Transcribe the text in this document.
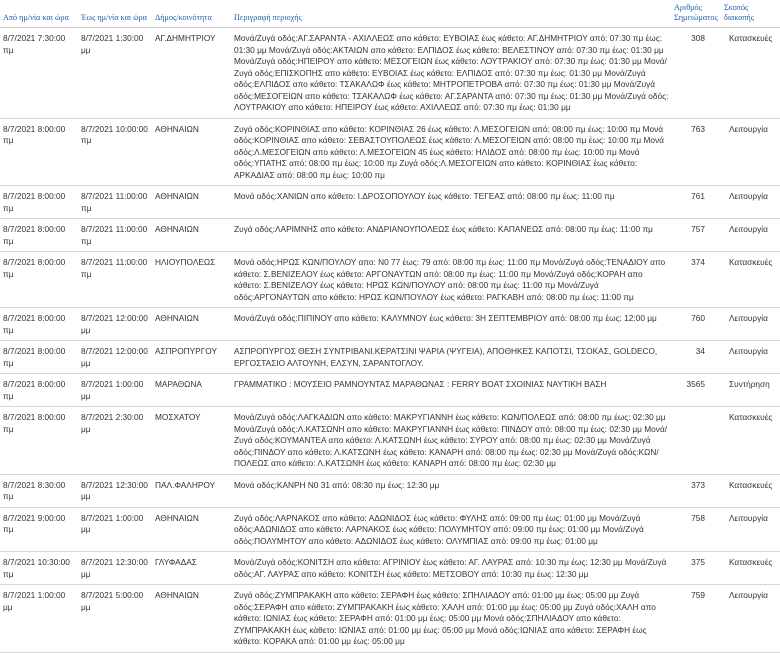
Από ημ/νία και ώρα	Έως ημ/νία και ώρα	Δήμος/κοινότητα	Περιγραφή περιοχής	Αριθμός Σημειώματος	Σκοπός διακοπής
8/7/2021 7:30:00 πμ	8/7/2021 1:30:00 μμ	ΑΓ.ΔΗΜΗΤΡΙΟΥ	Μονά/Ζυγά οδός:ΑΓ.ΣΑΡΑΝΤΑ - ΑΧΙΛΛΕΩΣ απο κάθετο: ΕΥΒΟΙΑΣ έως κάθετο: ΑΓ.ΔΗΜΗΤΡΙΟΥ από: 07:30 πμ έως: 01:30 μμ Μονά/Ζυγά οδός:ΑΚΤΑΙΩΝ απο κάθετο: ΕΛΠΙΔΟΣ έως κάθετο: ΒΕΛΕΣΤΙΝΟΥ από: 07:30 πμ έως: 01:30 μμ Μονά/Ζυγά οδός:ΗΠΕΙΡΟΥ απο κάθετο: ΜΕΣΟΓΕΙΩΝ έως κάθετο: ΛΟΥΤΡΑΚΙΟΥ από: 07:30 πμ έως: 01:30 μμ Μονά/Ζυγά οδός:ΕΠΙΣΚΟΠΗΣ απο κάθετο: ΕΥΒΟΙΑΣ έως κάθετο: ΕΛΠΙΔΟΣ από: 07:30 πμ έως: 01:30 μμ Μονά/Ζυγά οδός:ΕΛΠΙΔΟΣ απο κάθετο: ΤΣΑΚΑΛΩΦ έως κάθετο: ΜΗΤΡΟΠΕΤΡΟΒΑ από: 07:30 πμ έως: 01:30 μμ Μονά/Ζυγά οδός:ΜΕΣΟΓΕΙΩΝ απο κάθετο: ΤΣΑΚΑΛΩΦ έως κάθετο: ΑΓ.ΣΑΡΑΝΤΑ από: 07:30 πμ έως: 01:30 μμ Μονά/Ζυγά οδός: ΛΟΥΤΡΑΚΙΟΥ απο κάθετο: ΗΠΕΙΡΟΥ έως κάθετο: ΑΧΙΛΛΕΩΣ από: 07:30 πμ έως: 01:30 μμ	308	Κατασκευές
8/7/2021 8:00:00 πμ	8/7/2021 10:00:00 πμ	ΑΘΗΝΑΙΩΝ	Ζυγά οδός:ΚΟΡΙΝΘΙΑΣ απο κάθετο: ΚΟΡΙΝΘΙΑΣ 26 έως κάθετο: Λ.ΜΕΣΟΓΕΙΩΝ από: 08:00 πμ έως: 10:00 πμ Μονά οδός:ΚΟΡΙΝΘΙΑΣ απο κάθετο: ΣΕΒΑΣΤΟΥΠΟΛΕΩΣ έως κάθετο: Λ.ΜΕΣΟΓΕΙΩΝ από: 08:00 πμ έως: 10:00 πμ Μονά οδός:Λ.ΜΕΣΟΓΕΙΩΝ απο κάθετο: Λ.ΜΕΣΟΓΕΙΩΝ 45 έως κάθετο: ΗΛΙΔΟΣ από: 08:00 πμ έως: 10:00 πμ Μονά οδός:ΥΠΑΤΗΣ από: 08:00 πμ έως: 10:00 πμ Ζυγά οδός:Λ.ΜΕΣΟΓΕΙΩΝ απο κάθετο: ΚΟΡΙΝΘΙΑΣ έως κάθετο: ΑΡΚΑΔΙΑΣ από: 08:00 πμ έως: 10:00 πμ	763	Λειτουργία
8/7/2021 8:00:00 πμ	8/7/2021 11:00:00 πμ	ΑΘΗΝΑΙΩΝ	Μονά οδός:ΧΑΝΙΩΝ απο κάθετο: Ι.ΔΡΟΣΟΠΟΥΛΟΥ έως κάθετο: ΤΕΓΕΑΣ από: 08:00 πμ έως: 11:00 πμ	761	Λειτουργία
8/7/2021 8:00:00 πμ	8/7/2021 11:00:00 πμ	ΑΘΗΝΑΙΩΝ	Ζυγά οδός:ΛΑΡΙΜΝΗΣ απο κάθετο: ΑΝΔΡΙΑΝΟΥΠΟΛΕΩΣ έως κάθετο: ΚΑΠΑΝΕΩΣ από: 08:00 πμ έως: 11:00 πμ	757	Λειτουργία
8/7/2021 8:00:00 πμ	8/7/2021 11:00:00 πμ	ΗΛΙΟΥΠΟΛΕΩΣ	Μονά οδός:ΗΡΩΣ ΚΩΝ/ΠΟΥΛΟΥ απο: Ν0 77 έως: 79 από: 08:00 πμ έως: 11:00 πμ Μονά/Ζυγά οδός:ΤΕΝΑΔΙΟΥ απο κάθετο: Σ.ΒΕΝΙΖΕΛΟΥ έως κάθετο: ΑΡΓΟΝΑΥΤΩΝ από: 08:00 πμ έως: 11:00 πμ Μονά/Ζυγά οδός:ΚΟΡΑΗ απο κάθετο: Σ.ΒΕΝΙΖΕΛΟΥ έως κάθετο: ΗΡΩΣ ΚΩΝ/ΠΟΥΛΟΥ από: 08:00 πμ έως: 11:00 πμ Μονά/Ζυγά οδός:ΑΡΓΟΝΑΥΤΩΝ απο κάθετο: ΗΡΩΣ ΚΩΝ/ΠΟΥΛΟΥ έως κάθετο: ΡΑΓΚΑΒΗ από: 08:00 πμ έως: 11:00 πμ	374	Κατασκευές
8/7/2021 8:00:00 πμ	8/7/2021 12:00:00 μμ	ΑΘΗΝΑΙΩΝ	Μονά/Ζυγά οδός:ΠΙΠΙΝΟΥ απο κάθετο: ΚΑΛΥΜΝΟΥ έως κάθετο: 3Η ΣΕΠΤΕΜΒΡΙΟΥ από: 08:00 πμ έως: 12:00 μμ	760	Λειτουργία
8/7/2021 8:00:00 πμ	8/7/2021 12:00:00 μμ	ΑΣΠΡΟΠΥΡΓΟΥ	ΑΣΠΡΟΠΥΡΓΟΣ ΘΕΣΗ ΣΥΝΤΡΙΒΑΝΙ.ΚΕΡΑΤΣΙΝΙ ΨΑΡΙΑ (ΨΥΓΕΙΑ), ΑΠΟΘΗΚΕΣ ΚΑΠΟΤΣΙ, ΤΣΟΚΑΣ, GOLDECO, ΕΡΓΟΣΤΑΣΙΟ ΑΛΤΟΥΝΗ, ΕΛΣΥΝ, ΣΑΡΑΝΤΟΓΛΟΥ.	34	Λειτουργία
8/7/2021 8:00:00 πμ	8/7/2021 1:00:00 μμ	ΜΑΡΑΘΩΝΑ	ΓΡΑΜΜΑΤΙΚΟ : ΜΟΥΣΕΙΟ ΡΑΜΝΟΥΝΤΑΣ ΜΑΡΑΘΩΝΑΣ : FERRY BOAT ΣΧΟΙΝΙΑΣ ΝΑΥΤΙΚΗ ΒΑΣΗ	3565	Συντήρηση
8/7/2021 8:00:00 πμ	8/7/2021 2:30:00 μμ	ΜΟΣΧΑΤΟΥ	Μονά/Ζυγά οδός:ΛΑΓΚΑΔΙΩΝ απο κάθετο: ΜΑΚΡΥΓΙΑΝΝΗ έως κάθετο: ΚΩΝ/ΠΟΛΕΩΣ από: 08:00 πμ έως: 02:30 μμ Μονά/Ζυγά οδός:Λ.ΚΑΤΣΩΝΗ απο κάθετο: ΜΑΚΡΥΓΙΑΝΝΗ έως κάθετο: ΠΙΝΔΟΥ από: 08:00 πμ έως: 02:30 μμ Μονά/Ζυγά οδός:ΚΟΥΜΑΝΤΕΑ απο κάθετο: Λ.ΚΑΤΣΩΝΗ έως κάθετο: ΣΥΡΟΥ από: 08:00 πμ έως: 02:30 μμ Μονά/Ζυγά οδός:ΠΙΝΔΟΥ απο κάθετο: Λ.ΚΑΤΣΩΝΗ έως κάθετο: ΚΑΝΑΡΗ από: 08:00 πμ έως: 02:30 μμ Μονά/Ζυγά οδός:ΚΩΝ/ΠΟΛΕΩΣ απο κάθετο: Λ.ΚΑΤΣΩΝΗ έως κάθετο: ΚΑΝΑΡΗ από: 08:00 πμ έως: 02:30 μμ		Κατασκευές
8/7/2021 8:30:00 πμ	8/7/2021 12:30:00 μμ	ΠΑΛ.ΦΑΛΗΡΟΥ	Μονά οδός:ΚΑΝΡΗ Ν0 31 από: 08:30 πμ έως: 12:30 μμ	373	Κατασκευές
8/7/2021 9:00:00 πμ	8/7/2021 1:00:00 μμ	ΑΘΗΝΑΙΩΝ	Ζυγά οδός:ΛΑΡΝΑΚΟΣ απο κάθετο: ΑΔΩΝΙΔΟΣ έως κάθετο: ΦΥΛΗΣ από: 09:00 πμ έως: 01:00 μμ Μονά/Ζυγά οδός:ΑΔΩΝΙΔΟΣ απο κάθετο: ΛΑΡΝΑΚΟΣ έως κάθετο: ΠΟΛΥΜΗΤΟΥ από: 09:00 πμ έως: 01:00 μμ Μονά/Ζυγά οδός:ΠΟΛΥΜΗΤΟΥ απο κάθετο: ΑΔΩΝΙΔΟΣ έως κάθετο: ΟΛΥΜΠΙΑΣ από: 09:00 πμ έως: 01:00 μμ	758	Λειτουργία
8/7/2021 10:30:00 πμ	8/7/2021 12:30:00 μμ	ΓΛΥΦΑΔΑΣ	Μονά/Ζυγά οδός:ΚΟΝΙΤΣΗ απο κάθετο: ΑΓΡΙΝΙΟΥ έως κάθετο: ΑΓ. ΛΑΥΡΑΣ από: 10:30 πμ έως: 12:30 μμ Μονά/Ζυγά οδός:ΑΓ. ΛΑΥΡΑΣ απο κάθετο: ΚΟΝΙΤΣΗ έως κάθετο: ΜΕΤΣΟΒΟΥ από: 10:30 πμ έως: 12:30 μμ	375	Κατασκευές
8/7/2021 1:00:00 μμ	8/7/2021 5:00:00 μμ	ΑΘΗΝΑΙΩΝ	Ζυγά οδός:ΖΥΜΠΡΑΚΑΚΗ απο κάθετο: ΣΕΡΑΦΗ έως κάθετο: ΣΠΗΛΙΑΔΟΥ από: 01:00 μμ έως: 05:00 μμ Ζυγά οδός:ΣΕΡΑΦΗ απο κάθετο: ΖΥΜΠΡΑΚΑΚΗ έως κάθετο: ΧΑΛΗ από: 01:00 μμ έως: 05:00 μμ Ζυγά οδός:ΧΑΛΗ απο κάθετο: ΙΩΝΙΑΣ έως κάθετο: ΣΕΡΑΦΗ από: 01:00 μμ έως: 05:00 μμ Μονά οδός:ΣΠΗΛΙΑΔΟΥ απο κάθετο: ΖΥΜΠΡΑΚΑΚΗ έως κάθετο: ΙΩΝΙΑΣ από: 01:00 μμ έως: 05:00 μμ Μονά οδός:ΙΩΝΙΑΣ απο κάθετο: ΣΕΡΑΦΗ έως κάθετο: ΚΟΡΑΚΑ από: 01:00 μμ έως: 05:00 μμ	759	Λειτουργία
